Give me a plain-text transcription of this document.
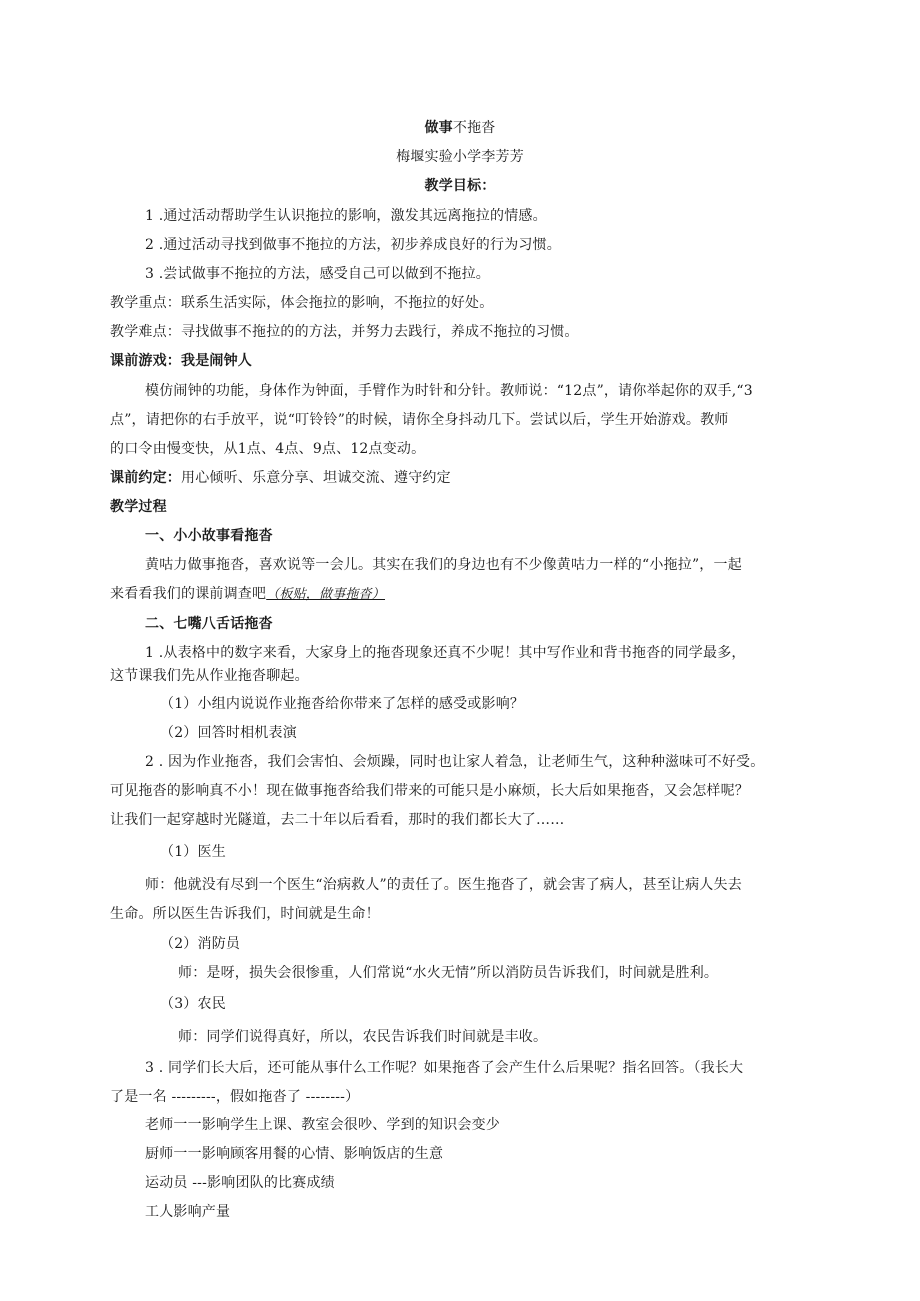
做事不拖沓
梅堰实验小学李芳芳
教学目标：
1 .通过活动帮助学生认识拖拉的影响，激发其远离拖拉的情感。
2 .通过活动寻找到做事不拖拉的方法，初步养成良好的行为习惯。
3 .尝试做事不拖拉的方法，感受自己可以做到不拖拉。
教学重点：联系生活实际，体会拖拉的影响，不拖拉的好处。
教学难点：寻找做事不拖拉的的方法，并努力去践行，养成不拖拉的习惯。
课前游戏：我是闹钟人
模仿闹钟的功能，身体作为钟面，手臂作为时针和分针。教师说：“12点”，请你举起你的双手,“3
点”，请把你的右手放平，说“叮铃铃”的时候，请你全身抖动几下。尝试以后，学生开始游戏。教师
的口令由慢变快，从1点、4点、9点、12点变动。
课前约定：用心倾听、乐意分享、坦诚交流、遵守约定
教学过程
一、小小故事看拖沓
黄咕力做事拖沓，喜欢说等一会儿。其实在我们的身边也有不少像黄咕力一样的“小拖拉”，一起
来看看我们的课前调查吧（板贴，做事拖沓）
二、七嘴八舌话拖沓
1 .从表格中的数字来看，大家身上的拖沓现象还真不少呢！其中写作业和背书拖沓的同学最多，
这节课我们先从作业拖沓聊起。
（1）小组内说说作业拖沓给你带来了怎样的感受或影响？
（2）回答时相机表演
2 . 因为作业拖沓，我们会害怕、会烦躁，同时也让家人着急，让老师生气，这种种滋味可不好受。
可见拖沓的影响真不小！现在做事拖沓给我们带来的可能只是小麻烦，长大后如果拖沓，又会怎样呢？
让我们一起穿越时光隧道，去二十年以后看看，那时的我们都长大了……
（1）医生
师：他就没有尽到一个医生“治病救人”的责任了。医生拖沓了，就会害了病人，甚至让病人失去
生命。所以医生告诉我们，时间就是生命！
（2）消防员
师：是呀，损失会很惨重，人们常说“水火无情”所以消防员告诉我们，时间就是胜利。
（3）农民
师：同学们说得真好，所以，农民告诉我们时间就是丰收。
3 . 同学们长大后，还可能从事什么工作呢？如果拖沓了会产生什么后果呢？指名回答。（我长大
了是一名 ---------，假如拖沓了 --------）
老师一一影响学生上课、教室会很吵、学到的知识会变少
厨师一一影响顾客用餐的心情、影响饭店的生意
运动员 ---影响团队的比赛成绩
工人影响产量
